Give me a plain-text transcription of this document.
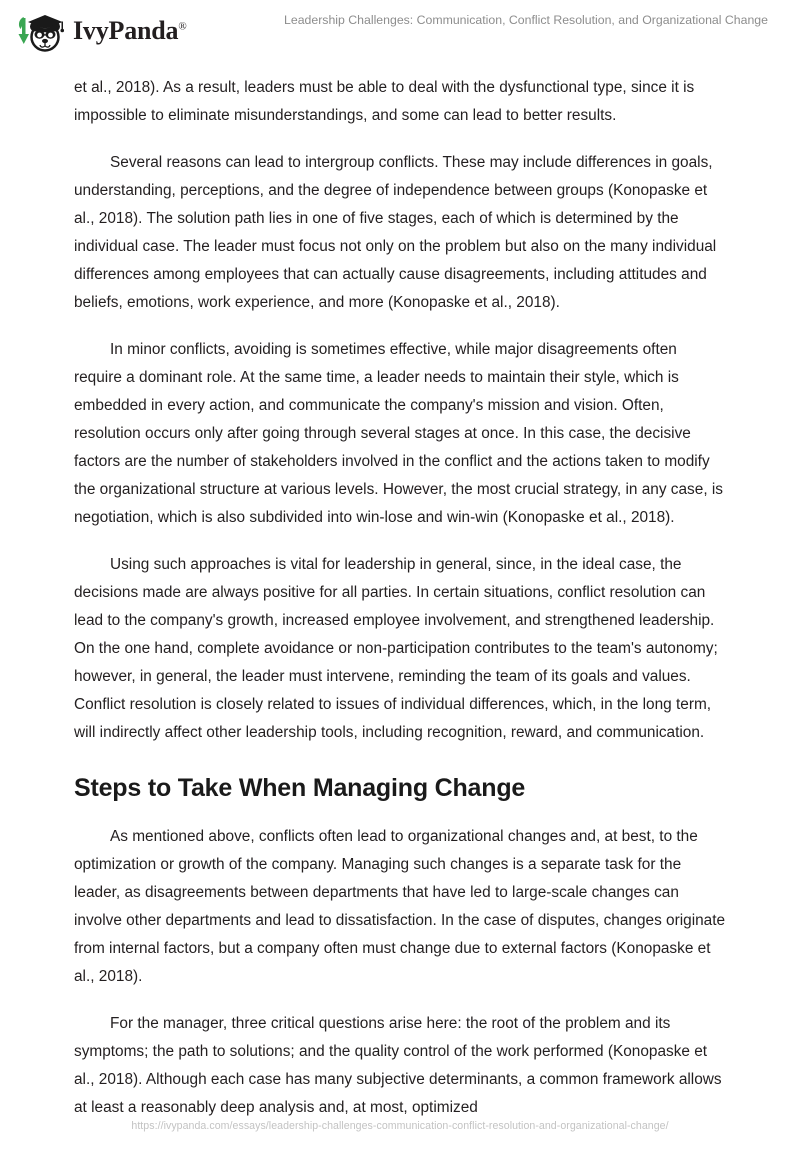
IvyPanda®	Leadership Challenges: Communication, Conflict Resolution, and Organizational Change

et al., 2018). As a result, leaders must be able to deal with the dysfunctional type, since it is impossible to eliminate misunderstandings, and some can lead to better results.

Several reasons can lead to intergroup conflicts. These may include differences in goals, understanding, perceptions, and the degree of independence between groups (Konopaske et al., 2018). The solution path lies in one of five stages, each of which is determined by the individual case. The leader must focus not only on the problem but also on the many individual differences among employees that can actually cause disagreements, including attitudes and beliefs, emotions, work experience, and more (Konopaske et al., 2018).

In minor conflicts, avoiding is sometimes effective, while major disagreements often require a dominant role. At the same time, a leader needs to maintain their style, which is embedded in every action, and communicate the company's mission and vision. Often, resolution occurs only after going through several stages at once. In this case, the decisive factors are the number of stakeholders involved in the conflict and the actions taken to modify the organizational structure at various levels. However, the most crucial strategy, in any case, is negotiation, which is also subdivided into win-lose and win-win (Konopaske et al., 2018).

Using such approaches is vital for leadership in general, since, in the ideal case, the decisions made are always positive for all parties. In certain situations, conflict resolution can lead to the company's growth, increased employee involvement, and strengthened leadership. On the one hand, complete avoidance or non-participation contributes to the team's autonomy; however, in general, the leader must intervene, reminding the team of its goals and values. Conflict resolution is closely related to issues of individual differences, which, in the long term, will indirectly affect other leadership tools, including recognition, reward, and communication.

Steps to Take When Managing Change

As mentioned above, conflicts often lead to organizational changes and, at best, to the optimization or growth of the company. Managing such changes is a separate task for the leader, as disagreements between departments that have led to large-scale changes can involve other departments and lead to dissatisfaction. In the case of disputes, changes originate from internal factors, but a company often must change due to external factors (Konopaske et al., 2018).

For the manager, three critical questions arise here: the root of the problem and its symptoms; the path to solutions; and the quality control of the work performed (Konopaske et al., 2018). Although each case has many subjective determinants, a common framework allows at least a reasonably deep analysis and, at most, optimized

https://ivypanda.com/essays/leadership-challenges-communication-conflict-resolution-and-organizational-change/
